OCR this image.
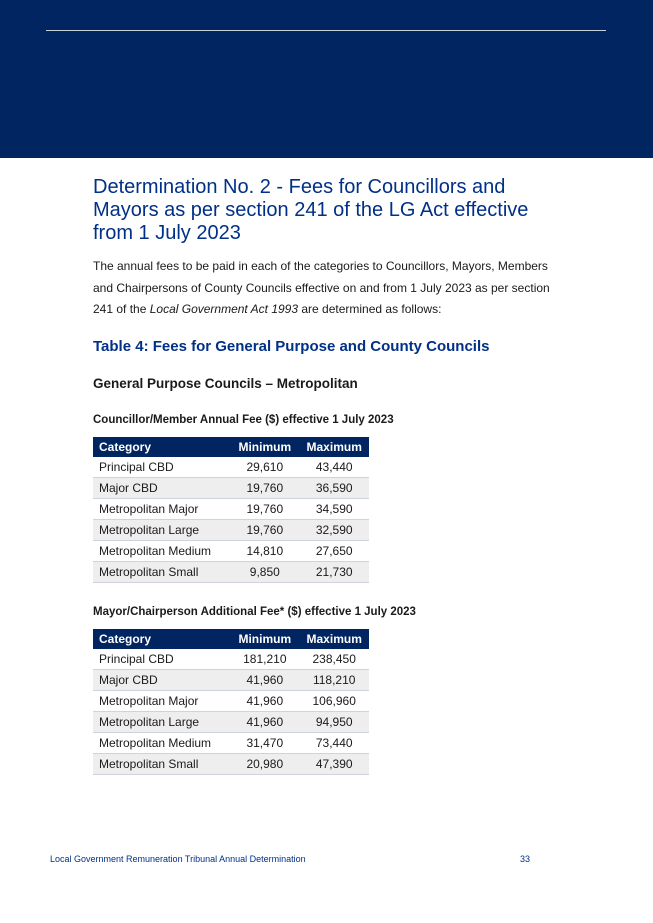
Determination No. 2 - Fees for Councillors and Mayors as per section 241 of the LG Act effective from 1 July 2023

The annual fees to be paid in each of the categories to Councillors, Mayors, Members and Chairpersons of County Councils effective on and from 1 July 2023 as per section 241 of the Local Government Act 1993 are determined as follows:

Table 4: Fees for General Purpose and County Councils
General Purpose Councils – Metropolitan

Councillor/Member Annual Fee ($) effective 1 July 2023

Category	Minimum	Maximum
Principal CBD	29,610	43,440
Major CBD	19,760	36,590
Metropolitan Major	19,760	34,590
Metropolitan Large	19,760	32,590
Metropolitan Medium	14,810	27,650
Metropolitan Small	9,850	21,730

Mayor/Chairperson Additional Fee* ($) effective 1 July 2023

Category	Minimum	Maximum
Principal CBD	181,210	238,450
Major CBD	41,960	118,210
Metropolitan Major	41,960	106,960
Metropolitan Large	41,960	94,950
Metropolitan Medium	31,470	73,440
Metropolitan Small	20,980	47,390

Local Government Remuneration Tribunal Annual Determination	33
